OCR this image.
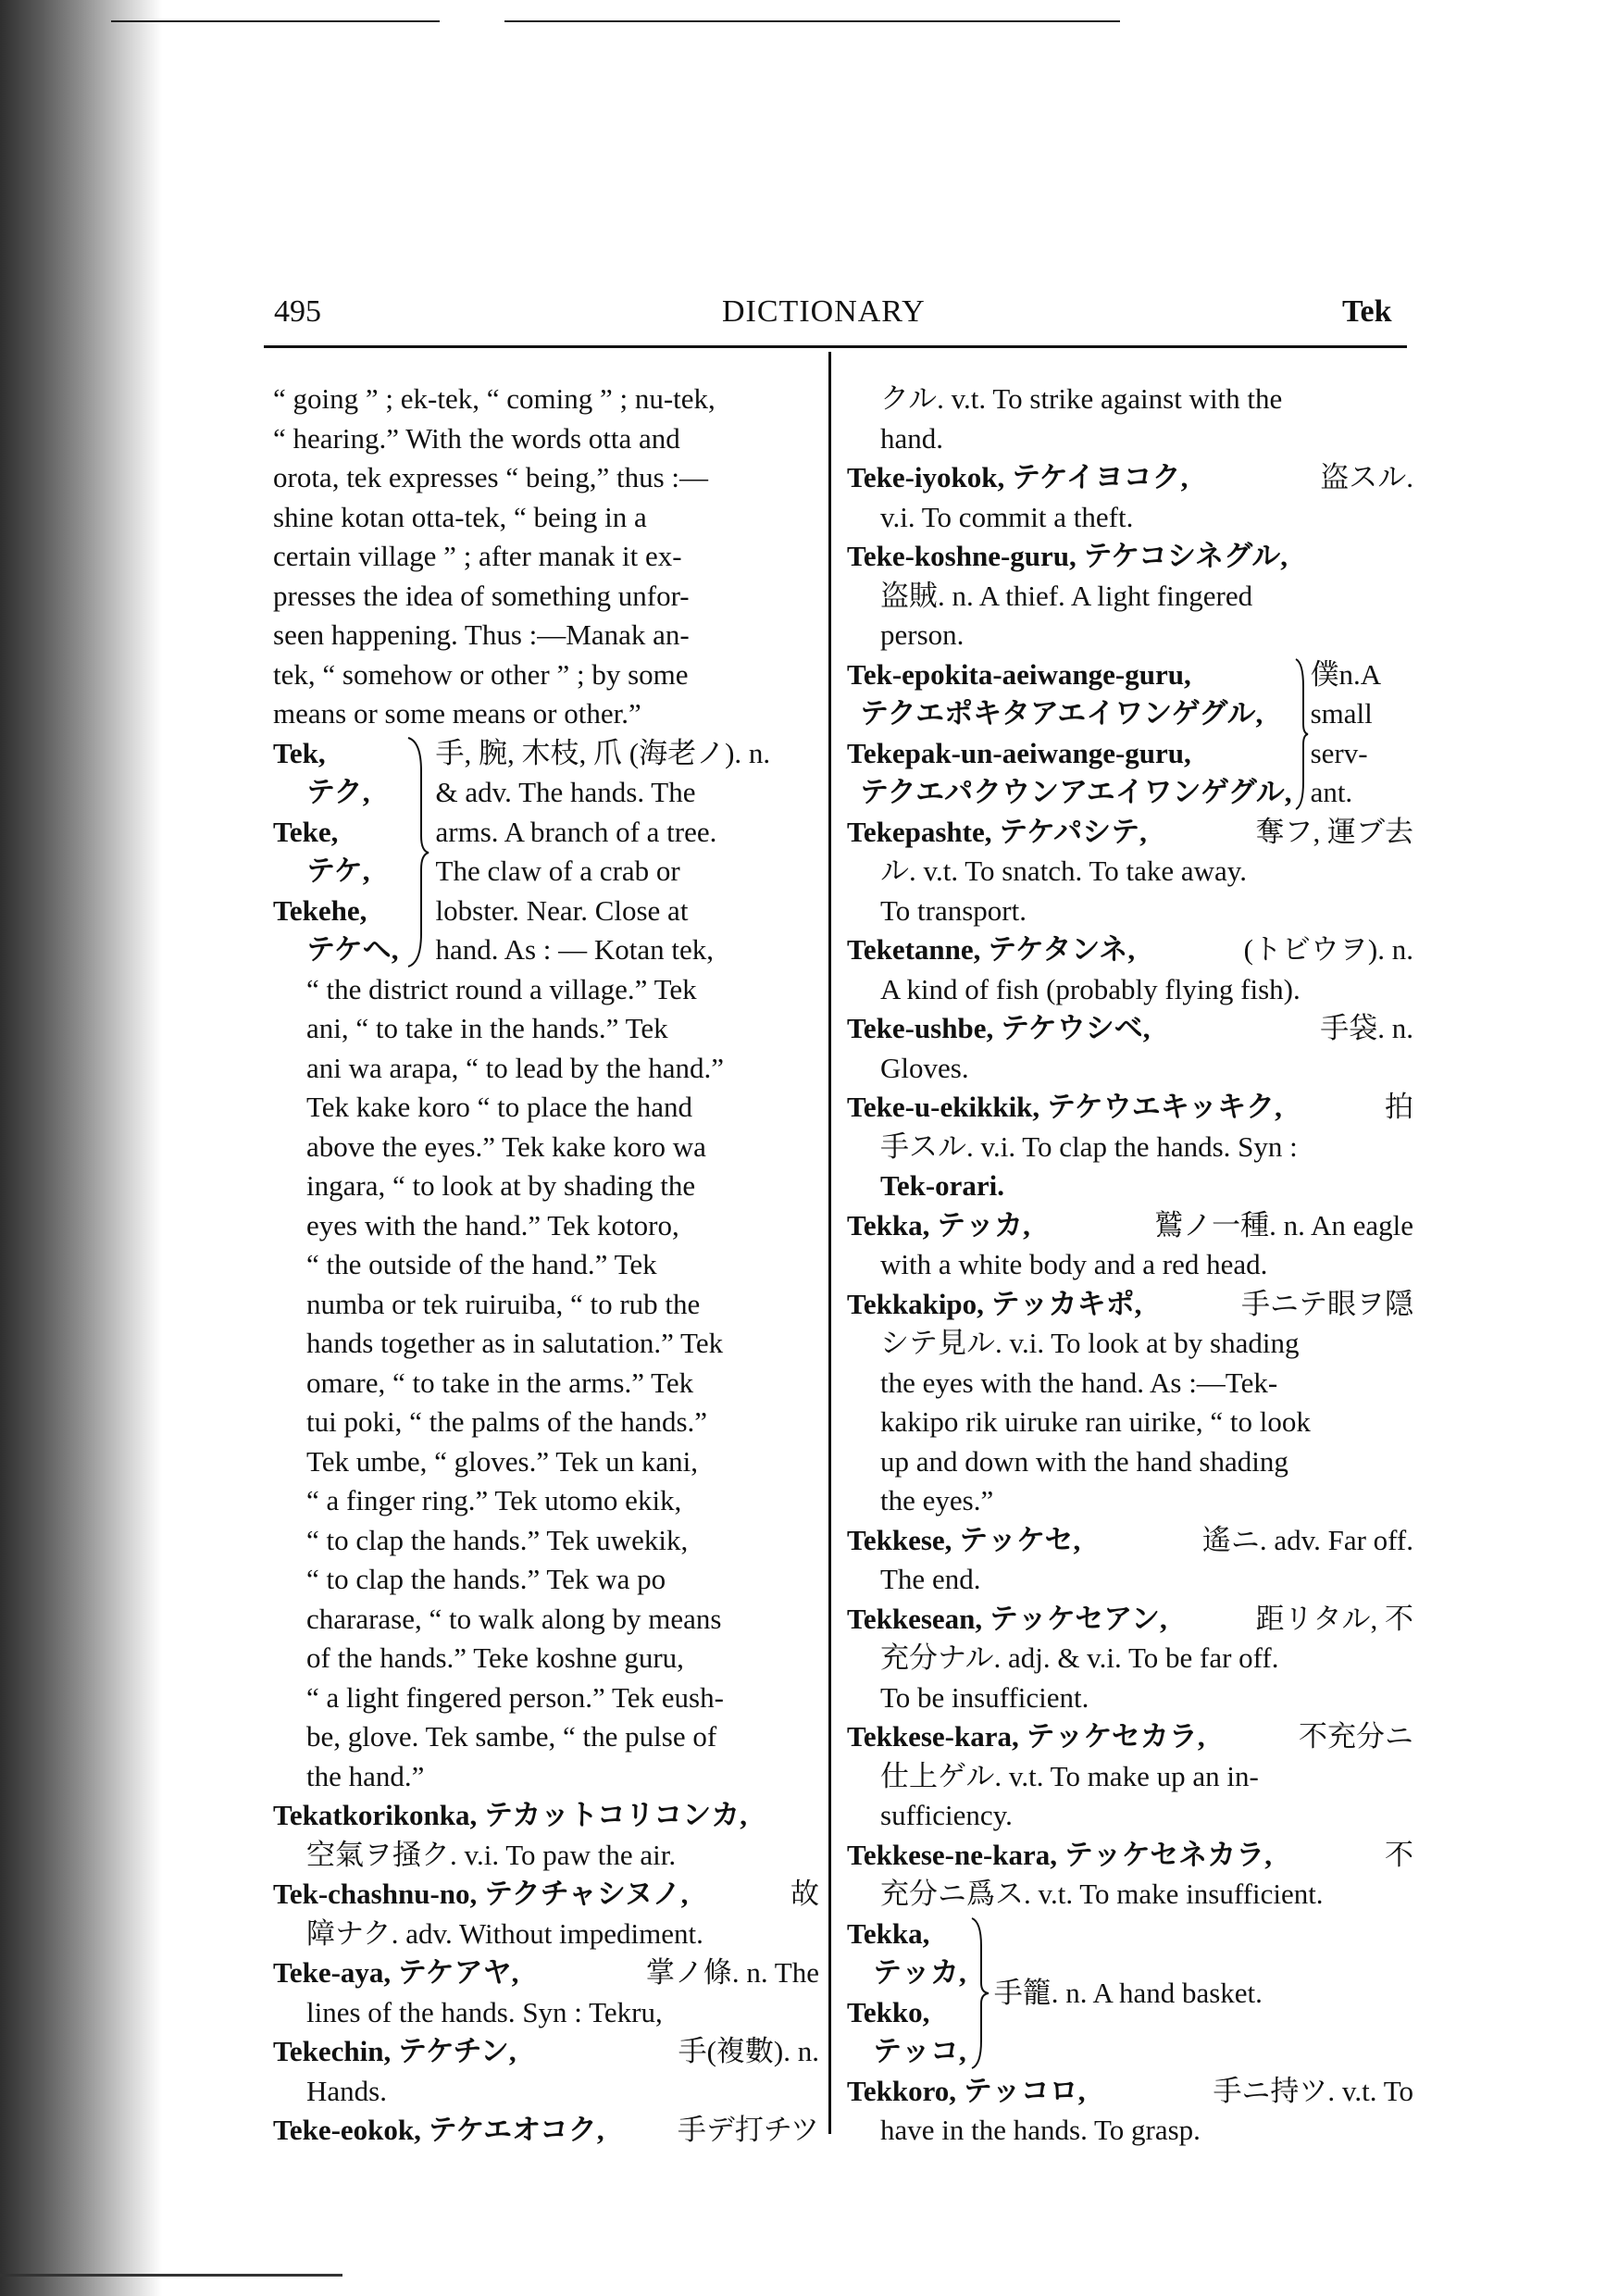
495	DICTIONARY	Tek
“ going ” ; ek-tek, “ coming ” ; nu-tek,
“ hearing.” With the words otta and
orota, tek expresses “ being,” thus :—
shine kotan otta-tek, “ being in a
certain village ” ; after manak it ex-
presses the idea of something unfor-
seen happening. Thus :—Manak an-
tek, “ somehow or other ” ; by some
means or some means or other.”
Tek,
テク,
Teke,
テケ,
Tekehe,
テケヘ,
手, 腕, 木枝, 爪 (海老ノ). n.
& adv. The hands. The
arms. A branch of a tree.
The claw of a crab or
lobster. Near. Close at
hand. As : — Kotan tek,
“ the district round a village.” Tek
ani, “ to take in the hands.” Tek
ani wa arapa, “ to lead by the hand.”
Tek kake koro “ to place the hand
above the eyes.” Tek kake koro wa
ingara, “ to look at by shading the
eyes with the hand.” Tek kotoro,
“ the outside of the hand.” Tek
numba or tek ruiruiba, “ to rub the
hands together as in salutation.” Tek
omare, “ to take in the arms.” Tek
tui poki, “ the palms of the hands.”
Tek umbe, “ gloves.” Tek un kani,
“ a finger ring.” Tek utomo ekik,
“ to clap the hands.” Tek uwekik,
“ to clap the hands.” Tek wa po
chararase, “ to walk along by means
of the hands.” Teke koshne guru,
“ a light fingered person.” Tek eush-
be, glove. Tek sambe, “ the pulse of
the hand.”
Tekatkorikonka, テカットコリコンカ,
空氣ヲ掻ク. v.i. To paw the air.
Tek-chashnu-no, テクチャシヌノ,	故
障ナク. adv. Without impediment.
Teke-aya, テケアヤ,	掌ノ條. n. The
lines of the hands. Syn : Tekru,
Tekechin, テケチン,	手(複數). n.
Hands.
Teke-eokok, テケエオコク,	手デ打チツ
クル. v.t. To strike against with the
hand.
Teke-iyokok, テケイヨコク,	盗スル.
v.i. To commit a theft.
Teke-koshne-guru, テケコシネグル,
盗賊. n. A thief. A light fingered
person.
Tek-epokita-aeiwange-guru,
テクエポキタアエイワンゲグル,
Tekepak-un-aeiwange-guru,
テクエパクウンアエイワンゲグル,
僕n.A
small
serv-
ant.
Tekepashte, テケパシテ,	奪フ, 運ブ去
ル. v.t. To snatch. To take away.
To transport.
Teketanne, テケタンネ,	(トビウヲ). n.
A kind of fish (probably flying fish).
Teke-ushbe, テケウシベ,	手袋. n.
Gloves.
Teke-u-ekikkik, テケウエキッキク,	拍
手スル. v.i. To clap the hands. Syn :
Tek-orari.
Tekka, テッカ,	鷲ノ一種. n. An eagle
with a white body and a red head.
Tekkakipo, テッカキポ,	手ニテ眼ヲ隠
シテ見ル. v.i. To look at by shading
the eyes with the hand. As :—Tek-
kakipo rik uiruke ran uirike, “ to look
up and down with the hand shading
the eyes.”
Tekkese, テッケセ,	遙ニ. adv. Far off.
The end.
Tekkesean, テッケセアン,	距リタル, 不
充分ナル. adj. & v.i. To be far off.
To be insufficient.
Tekkese-kara, テッケセカラ,	不充分ニ
仕上ゲル. v.t. To make up an in-
sufficiency.
Tekkese-ne-kara, テッケセネカラ,	不
充分ニ爲ス. v.t. To make insufficient.
Tekka,
テッカ,
Tekko,
テッコ,
手籠. n. A hand basket.
Tekkoro, テッコロ,	手ニ持ツ. v.t. To
have in the hands. To grasp.
